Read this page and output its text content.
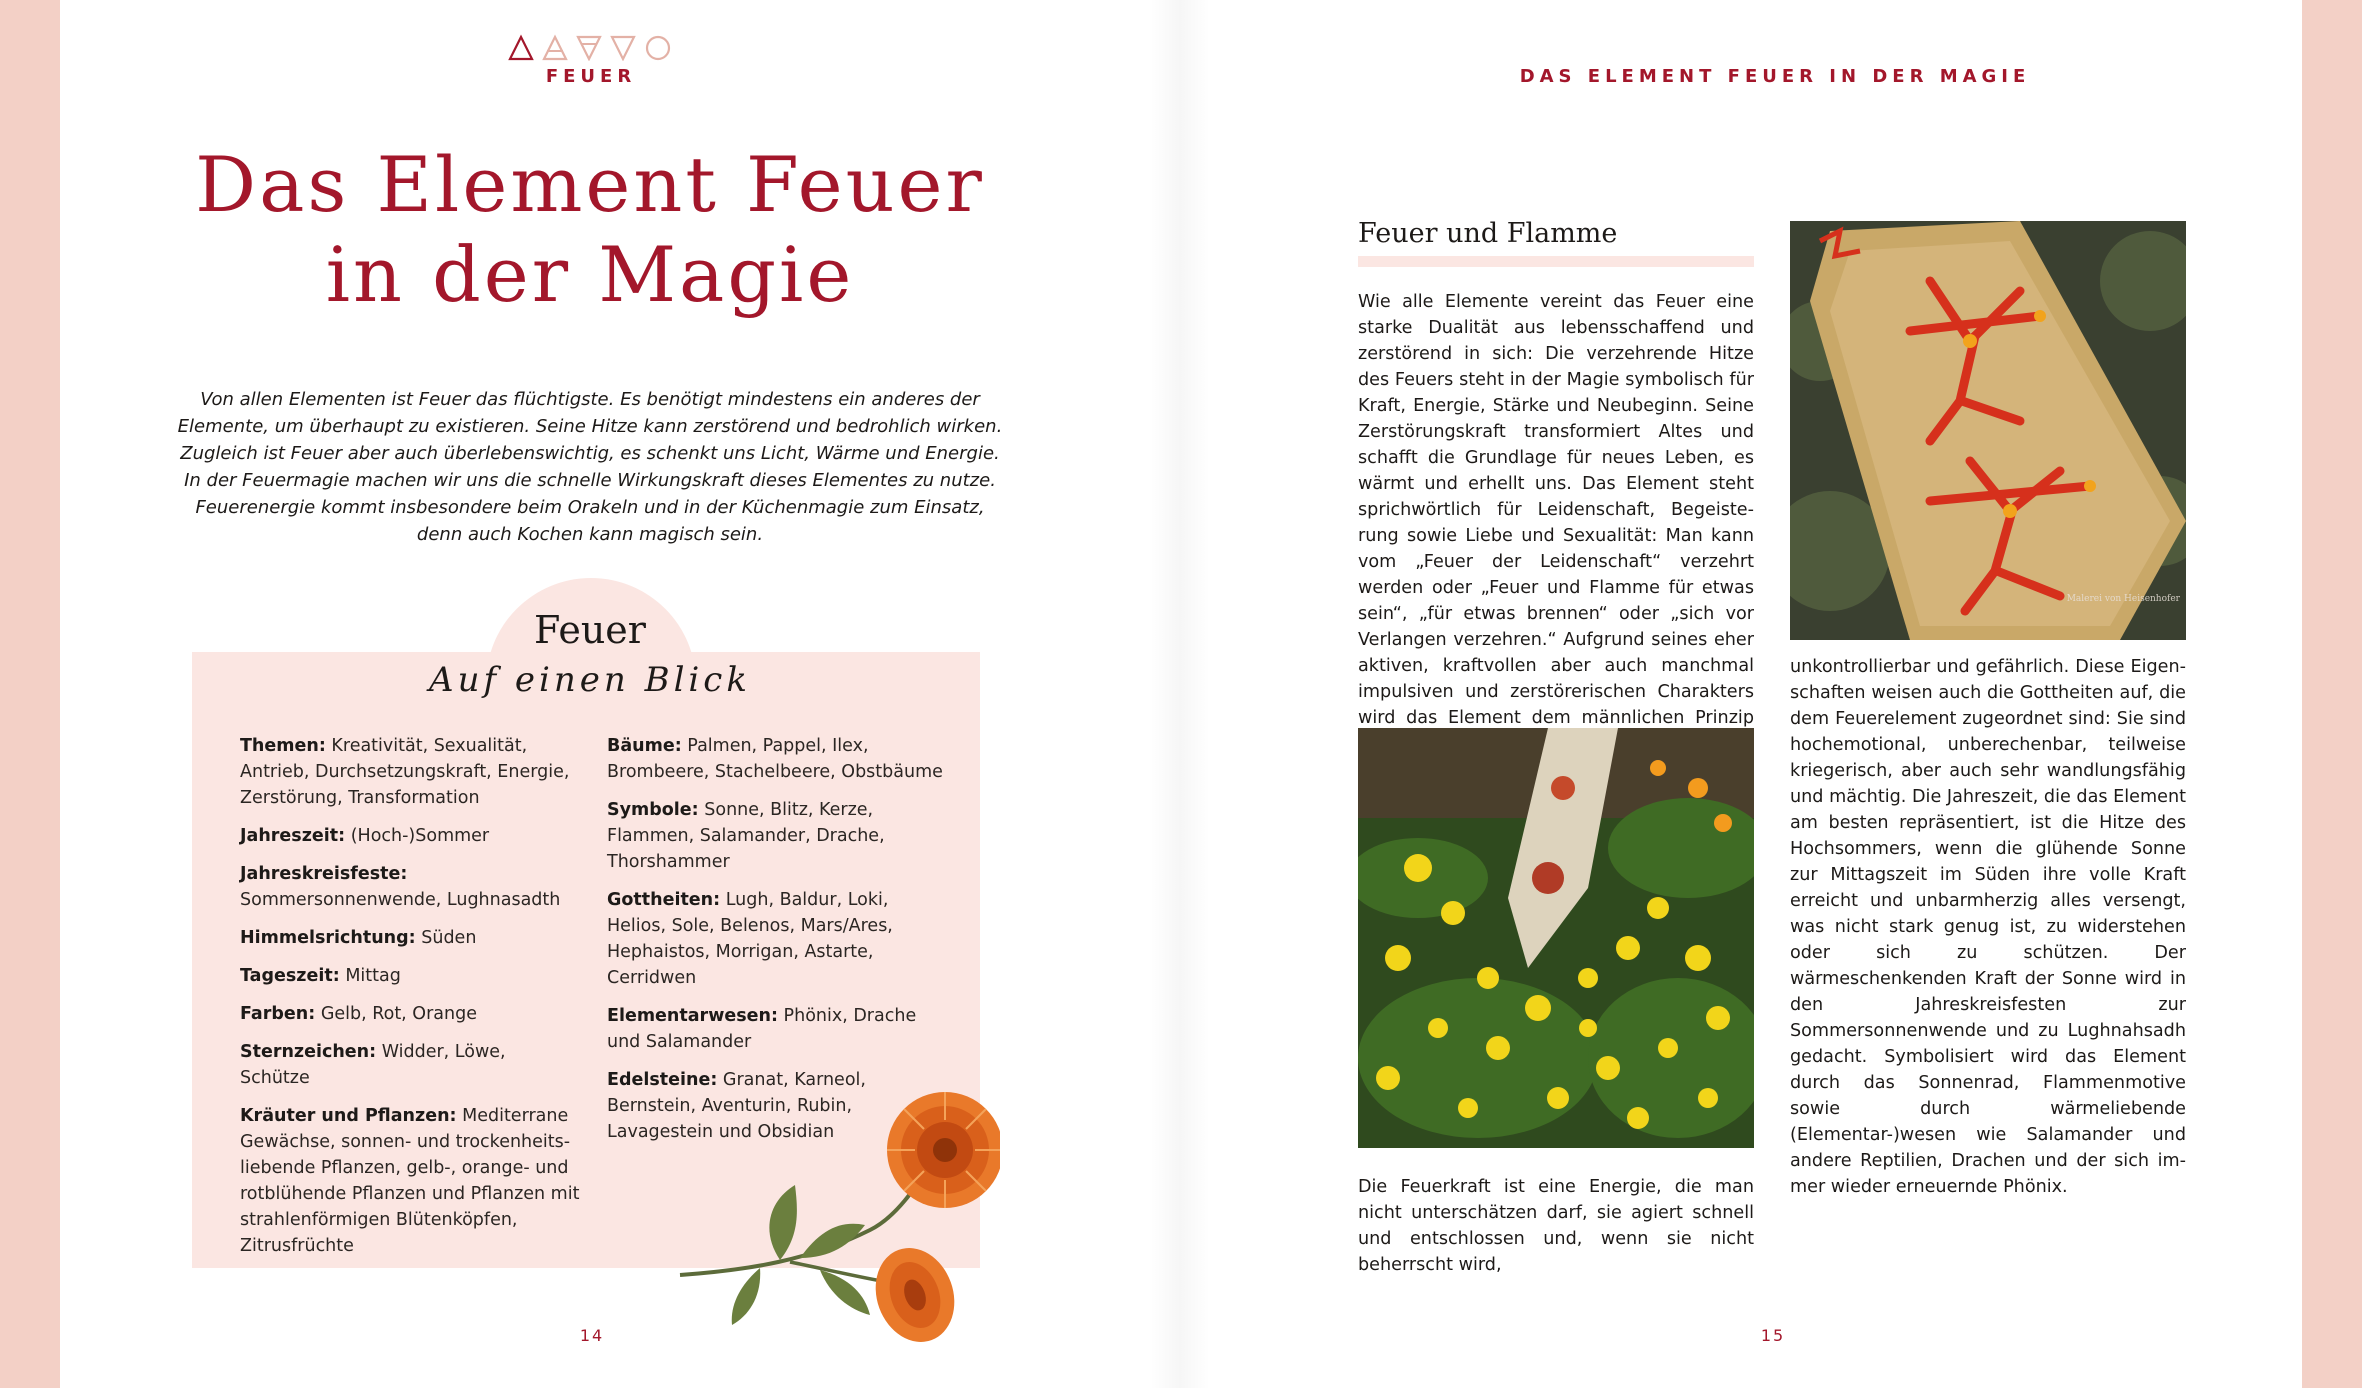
FEUER	DAS ELEMENT FEUER IN DER MAGIE
Das Element Feuer
in der Magie

Von allen Elementen ist Feuer das flüchtigste. Es benötigt mindestens ein anderes der Elemente, um überhaupt zu existieren. Seine Hitze kann zerstörend und bedrohlich wirken. Zugleich ist Feuer aber auch überlebenswichtig, es schenkt uns Licht, Wärme und Energie. In der Feuermagie machen wir uns die schnelle Wirkungskraft dieses Elementes zu nutze. Feuerenergie kommt insbesondere beim Orakeln und in der Küchenmagie zum Einsatz, denn auch Kochen kann magisch sein.

Feuer
Auf einen Blick

Themen: Kreativität, Sexualität, Antrieb, Durchsetzungskraft, Energie, Zerstörung, Transformation

Jahreszeit: (Hoch-)Sommer

Jahreskreisfeste: Sommersonnenwende, Lughnasadth

Himmelsrichtung: Süden

Tageszeit: Mittag

Farben: Gelb, Rot, Orange

Sternzeichen: Widder, Löwe, Schütze

Kräuter und Pflanzen: Mediterrane Gewächse, sonnen- und trockenheitsliebende Pflanzen, gelb-, orange- und rotblühende Pflanzen und Pflanzen mit strahlenförmigen Blütenköpfen, Zitrusfrüchte

Bäume: Palmen, Pappel, Ilex, Brombeere, Stachelbeere, Obstbäume

Symbole: Sonne, Blitz, Kerze, Flammen, Salamander, Drache, Thorshammer

Gottheiten: Lugh, Baldur, Loki, Helios, Sole, Belenos, Mars/Ares, Hephaistos, Morrigan, Astarte, Cerridwen

Elementarwesen: Phönix, Drache und Salamander

Edelsteine: Granat, Karneol, Bernstein, Aventurin, Rubin, Lavagestein und Obsidian

14	15
Feuer und Flamme

Wie alle Elemente vereint das Feuer eine starke Dualität aus lebensschaffend und zerstörend in sich: Die verzehrende Hitze des Feuers steht in der Magie symbolisch für Kraft, Energie, Stärke und Neubeginn. Seine Zerstörungskraft transformiert Altes und schafft die Grundlage für neues Leben, es wärmt und erhellt uns. Das Element steht sprichwörtlich für Leidenschaft, Begeisterung sowie Liebe und Sexualität: Man kann vom „Feuer der Leidenschaft“ verzehrt werden oder „Feuer und Flamme für etwas sein“, „für etwas brennen“ oder „sich vor Verlangen verzehren.“ Aufgrund seines eher aktiven, kraftvollen aber auch manchmal impulsiven und zerstörerischen Charakters wird das Element dem männlichen Prinzip

Malerei von Heisenhofer

Die Feuerkraft ist eine Energie, die man nicht unterschätzen darf, sie agiert schnell und entschlossen und, wenn sie nicht beherrscht wird,

unkontrollierbar und gefährlich. Diese Eigenschaften weisen auch die Gottheiten auf, die dem Feuerelement zugeordnet sind: Sie sind hochemotional, unberechenbar, teilweise kriegerisch, aber auch sehr wandlungsfähig und mächtig. Die Jahreszeit, die das Element am besten repräsentiert, ist die Hitze des Hochsommers, wenn die glühende Sonne zur Mittagszeit im Süden ihre volle Kraft erreicht und unbarmherzig alles versengt, was nicht stark genug ist, zu widerstehen oder sich zu schützen. Der wärmeschenkenden Kraft der Sonne wird in den Jahreskreisfesten zur Sommersonnenwende und zu Lughnahsadh gedacht. Symbolisiert wird das Element durch das Sonnenrad, Flammenmotive sowie durch wärmeliebende (Elementar-)wesen wie Salamander und andere Reptilien, Drachen und der sich immer wieder erneuernde Phönix.
